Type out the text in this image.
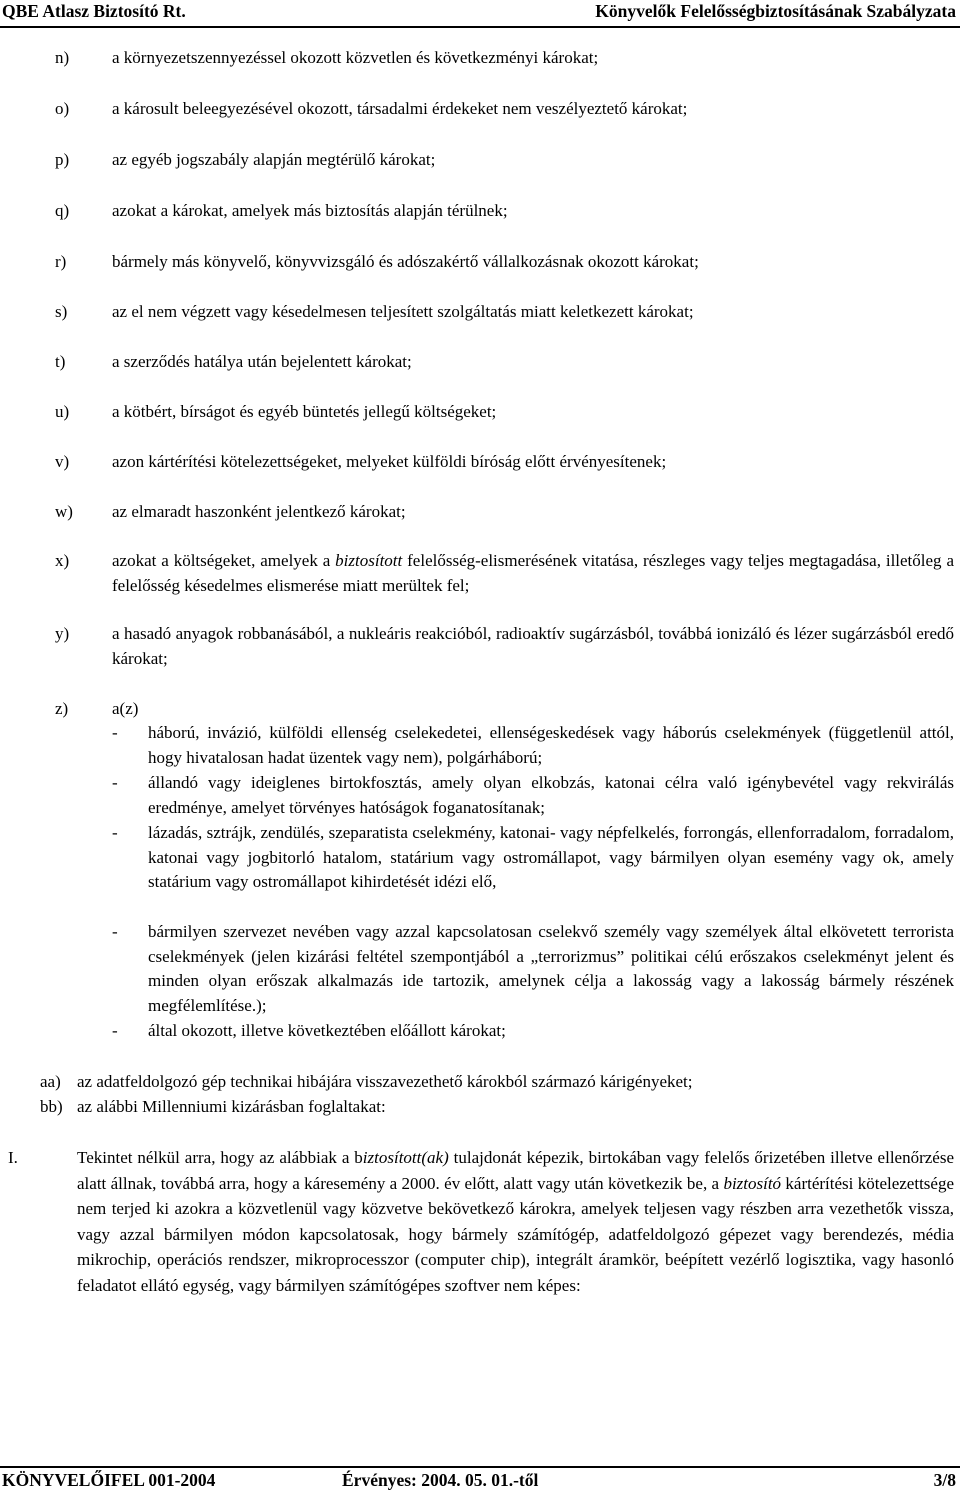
QBE Atlasz Biztosító Rt.	Könyvelők Felelősségbiztosításának Szabályzata
n)	a környezetszennyezéssel okozott közvetlen és következményi károkat;
o)	a károsult beleegyezésével okozott, társadalmi érdekeket nem veszélyeztető károkat;
p)	az egyéb jogszabály alapján megtérülő károkat;
q)	azokat a károkat, amelyek más biztosítás alapján térülnek;
r)	bármely más könyvelő, könyvvizsgáló és adószakértő vállalkozásnak okozott károkat;
s)	az el nem végzett vagy késedelmesen teljesített szolgáltatás miatt keletkezett károkat;
t)	a szerződés hatálya után bejelentett károkat;
u)	a kötbért, bírságot és egyéb büntetés jellegű költségeket;
v)	azon kártérítési kötelezettségeket, melyeket külföldi bíróság előtt érvényesítenek;
w) az elmaradt haszonként jelentkező károkat;
x)	azokat a költségeket, amelyek a biztosított felelősség-elismerésének vitatása, részleges vagy teljes megtagadása, illetőleg a felelősség késedelmes elismerése miatt merültek fel;
y)	a hasadó anyagok robbanásából, a nukleáris reakcióból, radioaktív sugárzásból, továbbá ionizáló és lézer sugárzásból eredő károkat;
z)	a(z)
- háború, invázió, külföldi ellenség cselekedetei, ellenségeskedések vagy háborús cselekmények (függetlenül attól, hogy hivatalosan hadat üzentek vagy nem), polgárháború;
- állandó vagy ideiglenes birtokfosztás, amely olyan elkobzás, katonai célra való igénybevétel vagy rekvirálás eredménye, amelyet törvényes hatóságok foganatosítanak;
- lázadás, sztrájk, zendülés, szeparatista cselekmény, katonai- vagy népfelkelés, forrongás, ellenforradalom, forradalom, katonai vagy jogbitorló hatalom, statárium vagy ostromállapot, vagy bármilyen olyan esemény vagy ok, amely statárium vagy ostromállapot kihirdetését idézi elő,
- bármilyen szervezet nevében vagy azzal kapcsolatosan cselekvő személy vagy személyek által elkövetett terrorista cselekmények (jelen kizárási feltétel szempontjából a „terrorizmus” politikai célú erőszakos cselekményt jelent és minden olyan erőszak alkalmazás ide tartozik, amelynek célja a lakosság vagy a lakosság bármely részének megfélemlítése.);
- által okozott, illetve következtében előállott károkat;
aa) az adatfeldolgozó gép technikai hibájára visszavezethető károkból származó kárigényeket;
bb) az alábbi Millenniumi kizárásban foglaltakat:
I.	Tekintet nélkül arra, hogy az alábbiak a biztosított(ak) tulajdonát képezik, birtokában vagy felelős őrizetében illetve ellenőrzése alatt állnak, továbbá arra, hogy a káresemény a 2000. év előtt, alatt vagy után következik be, a biztosító kártérítési kötelezettsége nem terjed ki azokra a közvetlenül vagy közvetve bekövetkező károkra, amelyek teljesen vagy részben arra vezethetők vissza, vagy azzal bármilyen módon kapcsolatosak, hogy bármely számítógép, adatfeldolgozó gépezet vagy berendezés, média mikrochip, operációs rendszer, mikroprocesszor (computer chip), integrált áramkör, beépített vezérlő logisztika, vagy hasonló feladatot ellátó egység, vagy bármilyen számítógépes szoftver nem képes:
KÖNYVELŐIFEL 001-2004	Érvényes: 2004. 05. 01.-től	3/8
